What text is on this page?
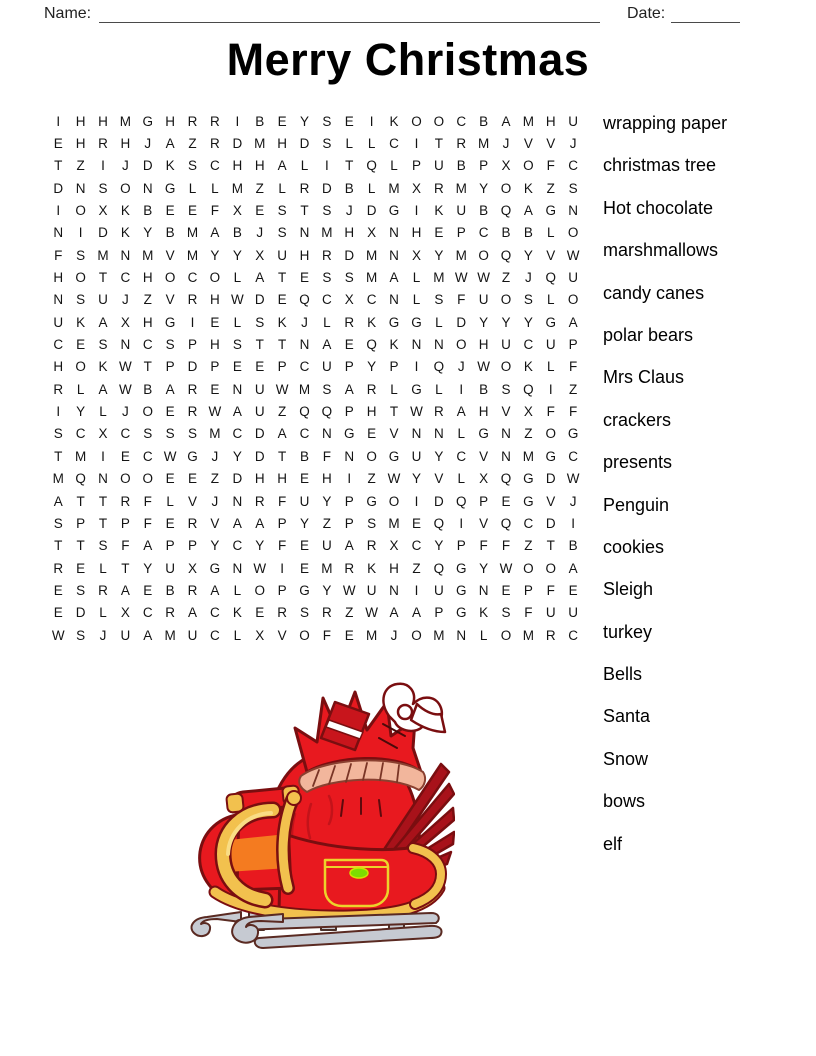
Name:	Date:
Merry Christmas
I	H H M G H R R	I	B E Y S E	I	K O O C B A M H U
E H R H	J	A	Z R D M H D S	L	L	C	I	T R M J	V V	J
T	Z	I	J	D K S C H H A	L	I	T Q L	P U B P X O F C
D N S O N G L	L M Z	L	R D B	L M X R M Y O K	Z	S
I	O X K B E E	F	X E S	T	S	J	D G	I	K U B Q A G N
N	I	D K Y B M A B	J	S N M H X N H E P C B B	L O
F	S M N M V M Y Y X U H R D M N X Y M O Q Y V W
H O T C H O C O L	A	T	E S S M A	L M W W Z	J	Q U
N S U	J	Z	V R H W D E Q C X C N	L	S	F U O S	L O
U K A X H G	I	E	L	S K	J	L	R K G G L	D Y Y Y G A
C E S N C S P H S	T	T N A E Q K N N O H U C U P
H O K W T	P D P E E P C U P Y P	I	Q	J W O K	L	F
R	L	A W B A R E N U W M S A R	L G L	I	B S Q	I	Z
I	Y	L	J	O E R W A U Z Q Q P H T W R A H V X	F	F
S C X C S S S M C D A C N G E V N N	L G N Z O G
T M	I	E C W G	J	Y D T	B	F N O G U Y C V N M G C
M Q N O O E E	Z D H H E H	I	Z W Y V	L	X Q G D W
A	T	T R F	L	V	J	N R F U Y P G O	I	D Q P E G V	J
S P	T	P	F	E R V A A P Y	Z	P S M E Q	I	V Q C D	I
T	T	S	F	A P P Y C Y	F	E U A R X C Y P	F	F	Z	T	B
R E	L	T	Y U X G N W	I	E M R K H Z Q G Y W O O A
E S R A E B R A	L O P G Y W U N	I	U G N E P	F	E
E D	L	X C R A C K E R S R Z W A A P G K S	F U U
W S	J	U A M U C	L	X V O F	E M J	O M N	L O M R C
wrapping paper
christmas tree
Hot chocolate
marshmallows
candy canes
polar bears
Mrs Claus
crackers
presents
Penguin
cookies
Sleigh
turkey
Bells
Santa
Snow
bows
elf
